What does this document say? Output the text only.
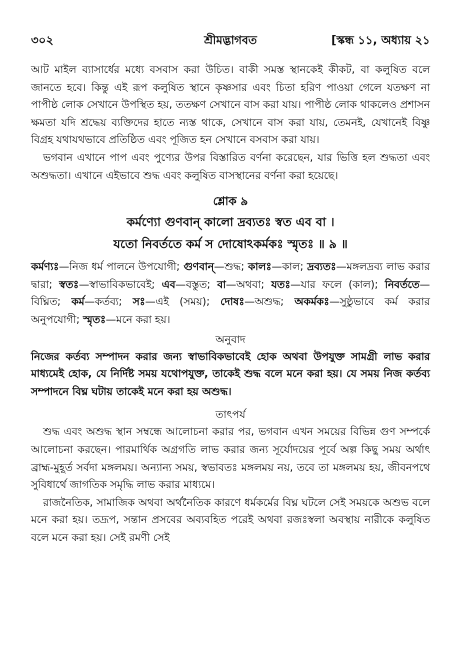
৩০২	শ্রীমদ্ভাগবত	[স্কন্ধ ১১, অধ্যায় ২১

আট মাইল ব্যাসার্ধের মধ্যে বসবাস করা উচিত। বাকী সমস্ত স্থানকেই কীকট, বা কলুষিত বলে জানতে হবে। কিন্তু এই রূপ কলুষিত স্থানে কৃষ্ণসার এবং চিতা হরিণ পাওয়া গেলে যতক্ষণ না পাপীষ্ঠ লোক সেখানে উপস্থিত হয়, ততক্ষণ সেখানে বাস করা যায়। পাপীষ্ঠ লোক থাকলেও প্রশাসন ক্ষমতা যদি শ্রদ্ধেয় ব্যক্তিদের হাতে ন্যস্ত থাকে, সেখানে বাস করা যায়, তেমনই, যেখানেই বিষ্ণু বিগ্রহ যথাযথভাবে প্রতিষ্ঠিত এবং পূজিত হন সেখানে বসবাস করা যায়।

ভগবান এখানে পাপ এবং পুণ্যের উপর বিস্তারিত বর্ণনা করেছেন, যার ভিত্তি হল শুদ্ধতা এবং অশুদ্ধতা। এখানে এইভাবে শুদ্ধ এবং কলুষিত বাসস্থানের বর্ণনা করা হয়েছে।

শ্লোক ৯
কর্মণ্যো গুণবান্‌ কালো দ্রব্যতঃ স্বত এব বা ।
যতো নিবর্ততে কর্ম স দোষোঽকর্মকঃ স্মৃতঃ ॥ ৯ ॥

কর্মণ্যঃ—নিজ ধর্ম পালনে উপযোগী; গুণবান্‌—শুদ্ধ; কালঃ—কাল; দ্রব্যতঃ—মঙ্গলদ্রব্য লাভ করার দ্বারা; স্বতঃ—স্বাভাবিকভাবেই; এব—বস্তুত; বা—অথবা; যতঃ—যার ফলে (কাল); নিবর্ততে—বিঘ্নিত; কর্ম—কর্তব্য; সঃ—এই (সময়); দোষঃ—অশুদ্ধ; অকর্মকঃ—সুষ্ঠুভাবে কর্ম করার অনুপযোগী; স্মৃতঃ—মনে করা হয়।

অনুবাদ

নিজের কর্তব্য সম্পাদন করার জন্য স্বাভাবিকভাবেই হোক অথবা উপযুক্ত সামগ্রী লাভ করার মাধ্যমেই হোক, যে নির্দিষ্ট সময় যথোপযুক্ত, তাকেই শুদ্ধ বলে মনে করা হয়। যে সময় নিজ কর্তব্য সম্পাদনে বিঘ্ন ঘটায় তাকেই মনে করা হয় অশুদ্ধ।

তাৎপর্য

শুদ্ধ এবং অশুদ্ধ স্থান সম্বন্ধে আলোচনা করার পর, ভগবান এখন সময়ের বিভিন্ন গুণ সম্পর্কে আলোচনা করছেন। পারমার্থিক অগ্রগতি লাভ করার জন্য সূর্যোদয়ের পূর্বে অল্প কিছু সময় অর্থাৎ ব্রাহ্ম-মুহূর্ত সর্বদা মঙ্গলময়। অন্যান্য সময়, স্বভাবতঃ মঙ্গলময় নয়, তবে তা মঙ্গলময় হয়, জীবনপথে সুবিধার্থে জাগতিক সমৃদ্ধি লাভ করার মাধ্যমে।

রাজনৈতিক, সামাজিক অথবা অর্থনৈতিক কারণে ধর্মকর্মের বিঘ্ন ঘটলে সেই সময়কে অশুভ বলে মনে করা হয়। তদ্রূপ, সন্তান প্রসবের অব্যবহিত পরেই অথবা রজঃস্বলা অবস্থায় নারীকে কলুষিত বলে মনে করা হয়। সেই রমণী সেই
